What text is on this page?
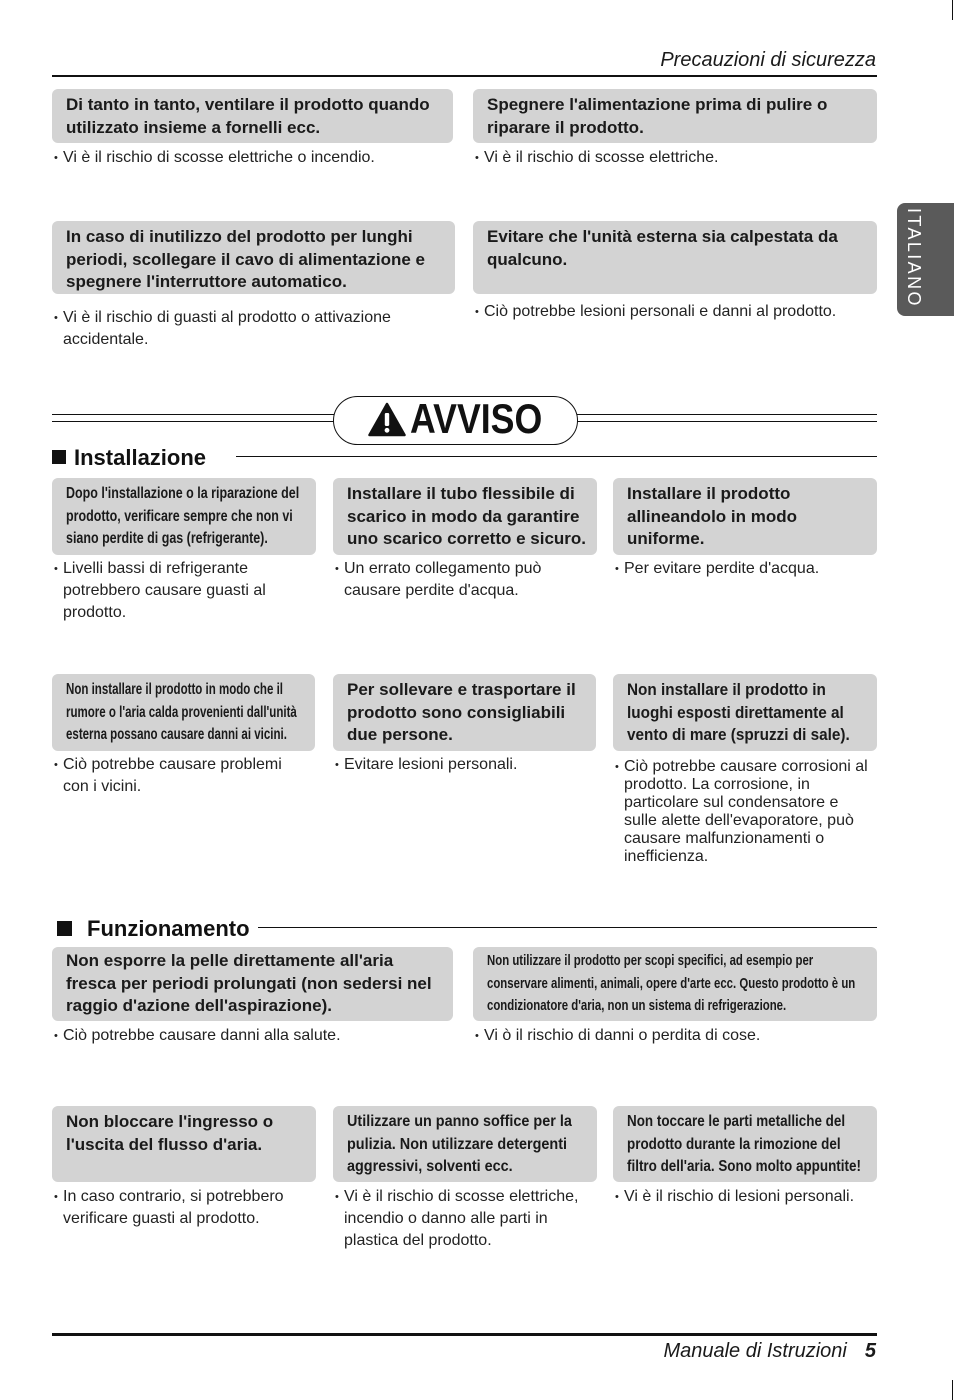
Precauzioni di sicurezza
ITALIANO
Di tanto in tanto, ventilare il prodotto quando
utilizzato insieme a fornelli ecc.
• Vi è il rischio di scosse elettriche o incendio.
Spegnere l'alimentazione prima di pulire o
riparare il prodotto.
• Vi è il rischio di scosse elettriche.
In caso di inutilizzo del prodotto per lunghi
periodi, scollegare il cavo di alimentazione e
spegnere l'interruttore automatico.
• Vi è il rischio di guasti al prodotto o attivazione
accidentale.
Evitare che l'unità esterna sia calpestata da
qualcuno.
• Ciò potrebbe lesioni personali e danni al prodotto.
AVVISO
Installazione
Dopo l'installazione o la riparazione del
prodotto, verificare sempre che non vi
siano perdite di gas (refrigerante).
• Livelli bassi di refrigerante
potrebbero causare guasti al
prodotto.
Installare il tubo flessibile di
scarico in modo da garantire
uno scarico corretto e sicuro.
• Un errato collegamento può
causare perdite d'acqua.
Installare il prodotto
allineandolo in modo
uniforme.
• Per evitare perdite d'acqua.
Non installare il prodotto in modo che il
rumore o l'aria calda provenienti dall'unità
esterna possano causare danni ai vicini.
• Ciò potrebbe causare problemi
con i vicini.
Per sollevare e trasportare il
prodotto sono consigliabili
due persone.
• Evitare lesioni personali.
Non installare il prodotto in
luoghi esposti direttamente al
vento di mare (spruzzi di sale).
• Ciò potrebbe causare corrosioni al
prodotto. La corrosione, in
particolare sul condensatore e
sulle alette dell'evaporatore, può
causare malfunzionamenti o
inefficienza.
Funzionamento
Non esporre la pelle direttamente all'aria
fresca per periodi prolungati (non sedersi nel
raggio d'azione dell'aspirazione).
• Ciò potrebbe causare danni alla salute.
Non utilizzare il prodotto per scopi specifici, ad esempio per
conservare alimenti, animali, opere d'arte ecc. Questo prodotto è un
condizionatore d'aria, non un sistema di refrigerazione.
• Vi ò il rischio di danni o perdita di cose.
Non bloccare l'ingresso o
l'uscita del flusso d'aria.
• In caso contrario, si potrebbero
verificare guasti al prodotto.
Utilizzare un panno soffice per la
pulizia. Non utilizzare detergenti
aggressivi, solventi ecc.
• Vi è il rischio di scosse elettriche,
incendio o danno alle parti in
plastica del prodotto.
Non toccare le parti metalliche del
prodotto durante la rimozione del
filtro dell'aria. Sono molto appuntite!
• Vi è il rischio di lesioni personali.
Manuale di Istruzioni 5
